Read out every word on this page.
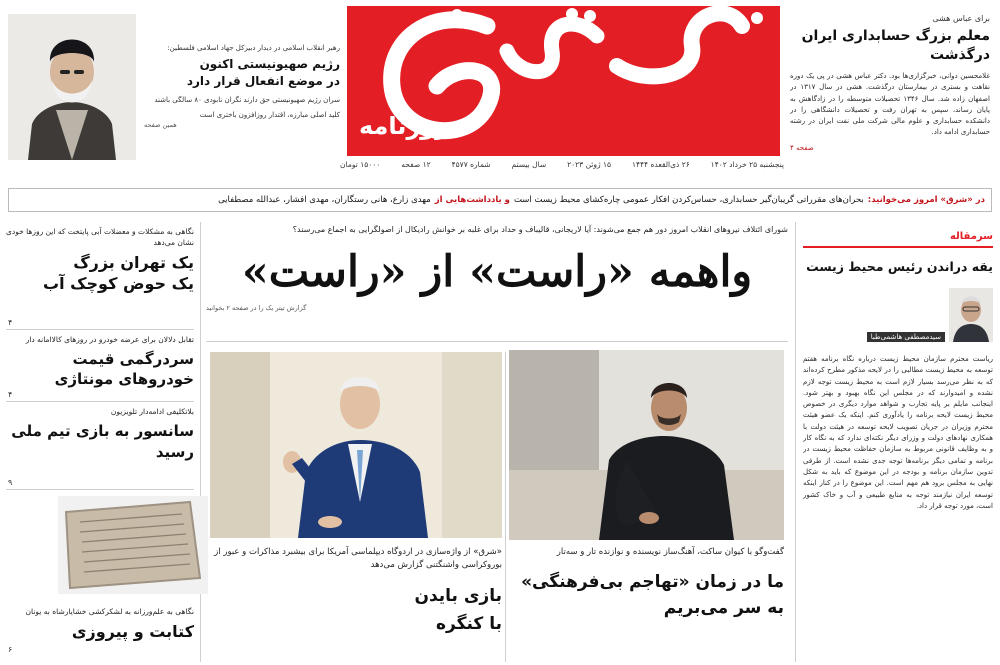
روزنامه
پنجشنبه ۲۵ خرداد ۱۴۰۲
۲۶ ذی‌القعده ۱۴۴۴
۱۵ ژوئن ۲۰۲۳
سال بیستم
شماره ۴۵۷۷
۱۲ صفحه
۱۵۰۰۰ تومان
برای عباس هشی
معلم بزرگ حسابداری ایران
درگذشت
غلامحسین دوانی، خبرگزاری‌ها بود. دکتر عباس هشی در پی یک دوره نقاهت و بستری در بیمارستان درگذشت. هشی در سال ۱۳۱۷ در اصفهان زاده شد. سال ۱۳۴۶ تحصیلات متوسطه را در زادگاهش به پایان رساند، سپس به تهران رفت و تحصیلات دانشگاهی را در دانشکده حسابداری و علوم مالی شرکت ملی نفت ایران در رشته حسابداری ادامه داد.
صفحه ۴
رهبر انقلاب اسلامی در دیدار دبیرکل جهاد اسلامی فلسطین:
رژیم صهیونیستی اکنون
در موضع انفعال قرار دارد
سران رژیم صهیونیستی حق دارند نگران نابودی ۸۰ سالگی باشند
کلید اصلی مبارزه، اقتدار روزافزون باختری است
همین صفحه
در «شرق» امروز می‌خوانید:
بحران‌های مقرراتی گریبان‌گیر حسابداری، حساس‌کردن افکار عمومی چاره‌کشای محیط زیست است
و یادداشت‌هایی از
مهدی زارع، هانی رستگاران، مهدی افشار، عبدالله مصطفایی
سرمقاله
یقه دراندن رئیس محیط زیست
سیدمصطفی هاشمی‌طبا
ریاست محترم سازمان محیط زیست درباره نگاه برنامه هفتم توسعه به محیط زیست مطالبی را در لایحه مذکور مطرح کرده‌اند که به نظر می‌رسد بسیار لازم است به محیط زیست توجه لازم نشده و امیدوارند که در مجلس این نگاه بهبود و بهتر شود. اینجانب مایلم بر پایه تجارب و شواهد موارد دیگری در خصوص محیط زیست لایحه برنامه را یادآوری کنم. اینکه یک عضو هیئت محترم وزیران در جریان تصویب لایحه توسعه در هیئت دولت با همکاری نهادهای دولت و وزرای دیگر نکته‌ای ندارد که به نگاه کار و به وظایف قانونی مربوط به سازمان حفاظت محیط زیست در برنامه و تمامی دیگر برنامه‌ها توجه جدی نشده است. از طرفی تدوین سازمان برنامه و بودجه در این موضوع که باید به شکل نهایی به مجلس برود هم مهم است. این موضوع را در کنار اینکه توسعه ایران نیازمند توجه به منابع طبیعی و آب و خاک کشور است، مورد توجه قرار داد.
شورای ائتلاف نیروهای انقلاب امروز دور هم جمع می‌شوند: آیا لاریجانی، قالیباف و حداد برای غلبه بر خوانش رادیکال از اصولگرایی به اجماع می‌رسند؟
واهمه «راست» از «راست»
گزارش تیتر یک را در صفحه ۲ بخوانید
گفت‌وگو با کیوان ساکت، آهنگ‌ساز نویسنده و نوازنده تار و سه‌تار
ما در زمان «تهاجم بی‌فرهنگی»
به سر می‌بریم
«شرق» از واژه‌سازی در اردوگاه دیپلماسی آمریکا برای بیشبرد مذاکرات و عبور از بوروکراسی واشنگتنی گزارش می‌دهد
بازی بایدن
با کنگره
نگاهی به مشکلات و معضلات آبی پایتخت که این روزها خودی نشان می‌دهد
یک تهران بزرگ
یک حوض کوچک آب
۴
تقابل دلالان برای عرضه خودرو در روزهای کالاامانه دار
سردرگمی قیمت
خودروهای مونتاژی
۴
بلاتکلیفی ادامه‌دار تلویزیون
سانسور به بازی تیم ملی
رسید
۹
نگاهی به علم‌ورزانه به لشکرکشی خشایارشاه به یونان
کتابت و پیروزی
۶
